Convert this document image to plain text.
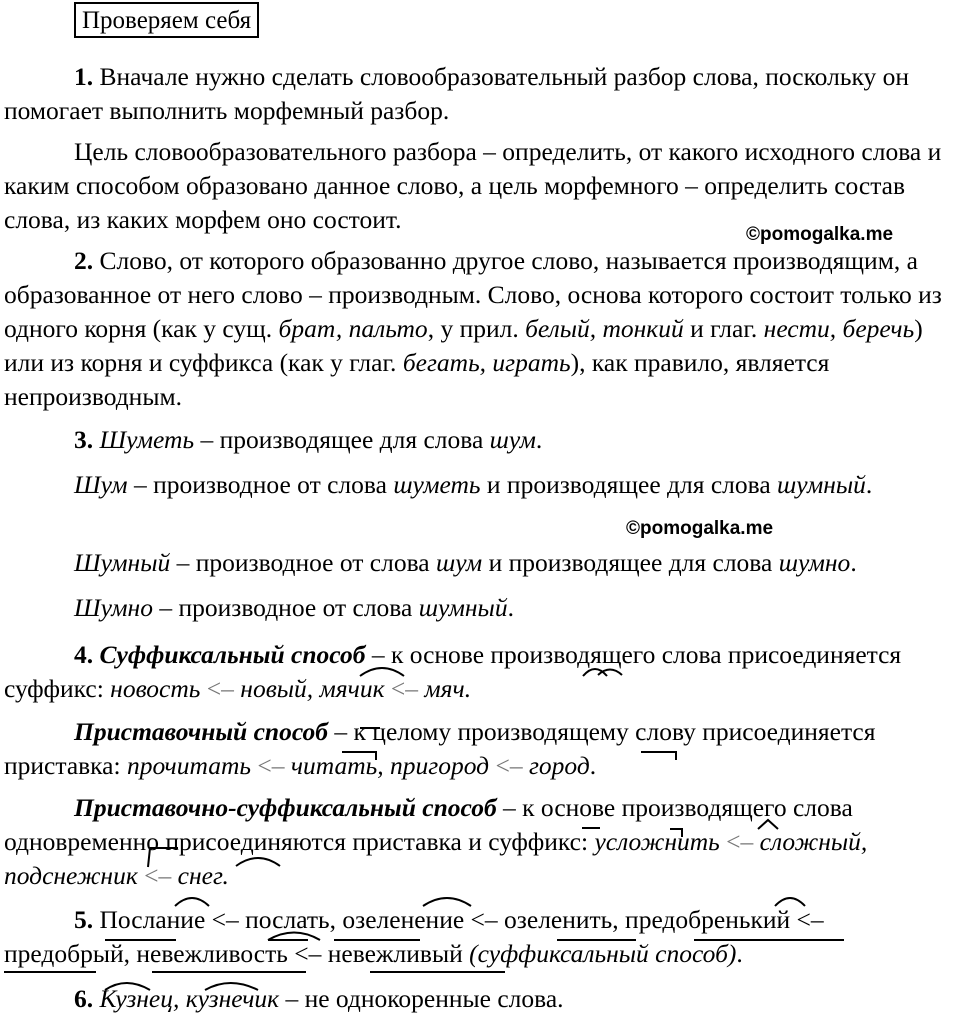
Проверяем себя

1. Вначале нужно сделать словообразовательный разбор слова, поскольку он помогает выполнить морфемный разбор.

Цель словообразовательного разбора – определить, от какого исходного слова и каким способом образовано данное слово, а цель морфемного – определить состав слова, из каких морфем оно состоит.

©pomogalka.me

2. Слово, от которого образованно другое слово, называется производящим, а образованное от него слово – производным. Слово, основа которого состоит только из одного корня (как у сущ. брат, пальто, у прил. белый, тонкий и глаг. нести, беречь) или из корня и суффикса (как у глаг. бегать, играть), как правило, является непроизводным.

3. Шуметь – производящее для слова шум.

Шум – производное от слова шуметь и производящее для слова шумный.

©pomogalka.me

Шумный – производное от слова шум и производящее для слова шумно.

Шумно – производное от слова шумный.

4. Суффиксальный способ – к основе производящего слова присоединяется суффикс: новость <– новый, мячик <– мяч.

Приставочный способ – к целому производящему слову присоединяется приставка: прочитать <– читать, пригород <– город.

Приставочно-суффиксальный способ – к основе производящего слова одновременно присоединяются приставка и суффикс: усложнить <– сложный, подснежник <– снег.

5. Послание <– послать, озеленение <– озеленить, предобренький <– предобрый, невежливость <– невежливый (суффиксальный способ).

6. Кузнец, кузнечик – не однокоренные слова.
